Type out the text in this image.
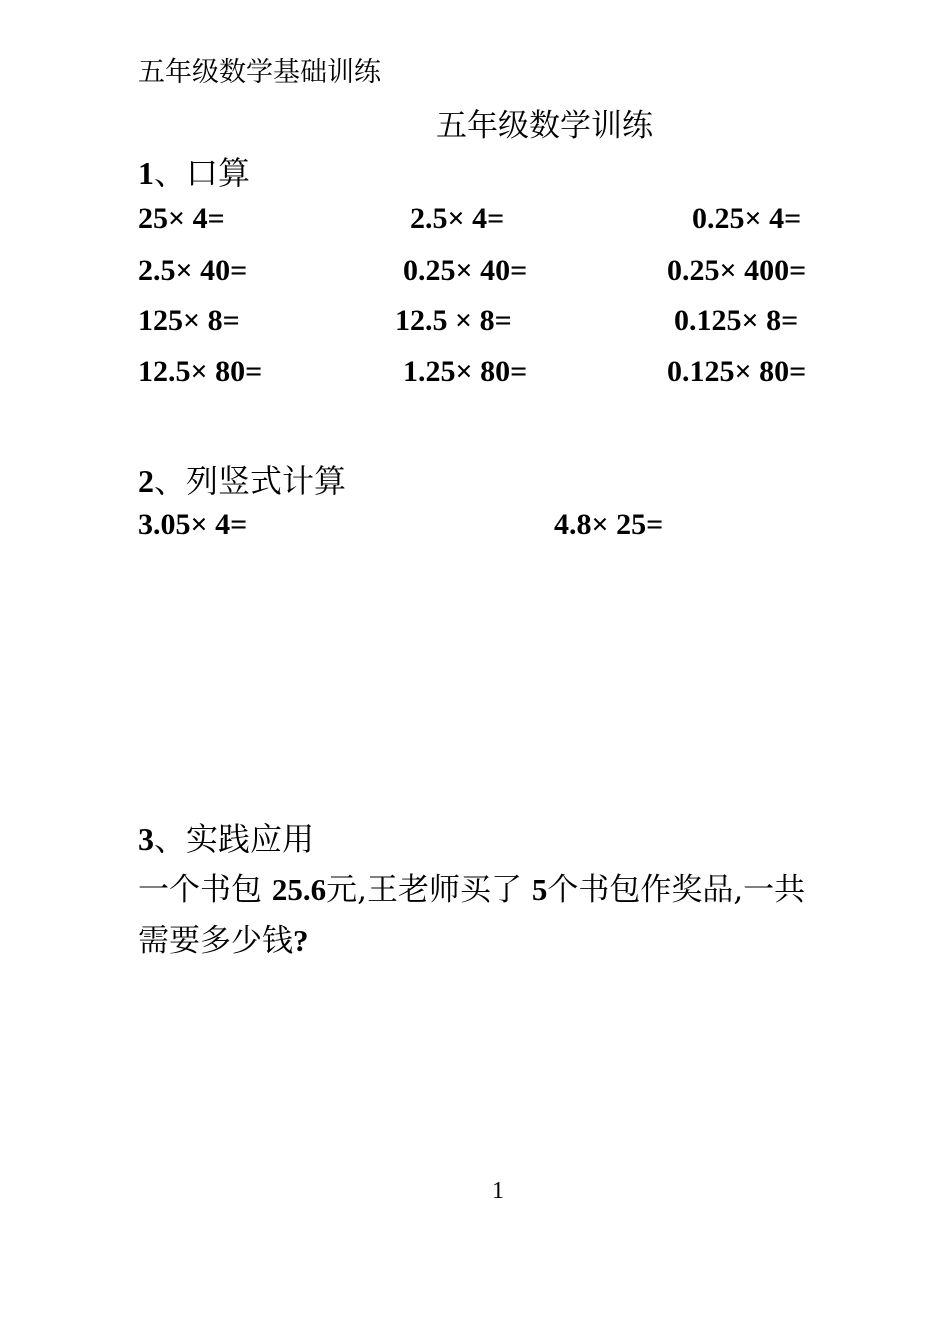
五年级数学基础训练
五年级数学训练
1、口算
25× 4=	2.5× 4=	0.25× 4=
2.5× 40=	0.25× 40=	0.25× 400=
125× 8=	12.5 × 8=	0.125× 8=
12.5× 80=	1.25× 80=	0.125× 80=
2、列竖式计算
3.05× 4=	4.8× 25=
3、实践应用
一个书包 25.6元,王老师买了 5个书包作奖品,一共
需要多少钱?
1
